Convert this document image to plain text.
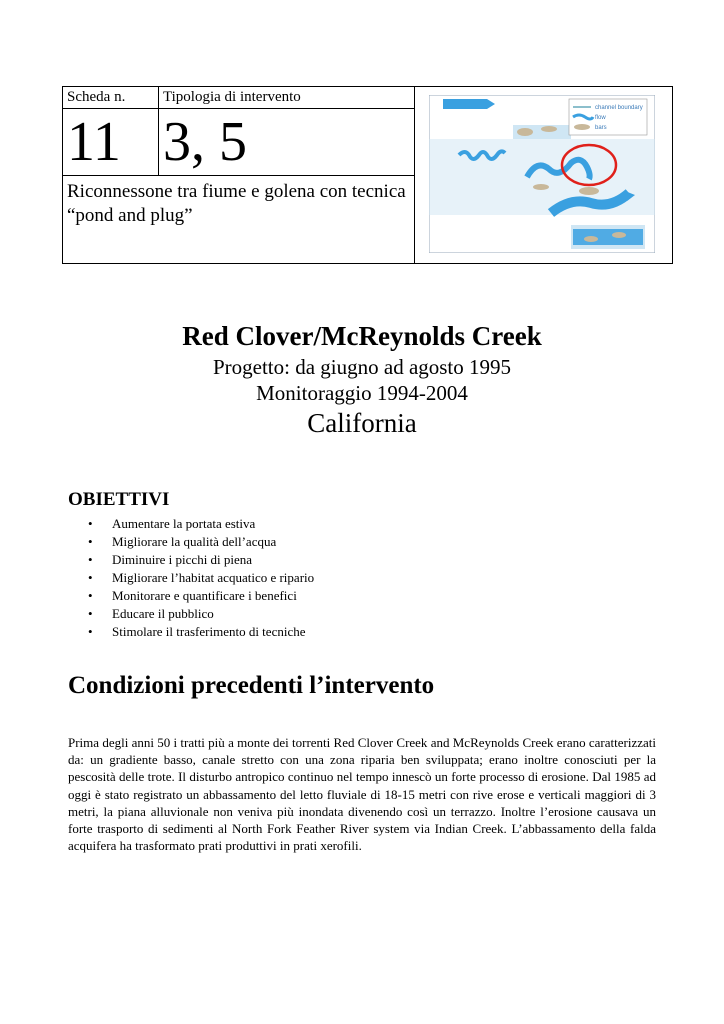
Scheda n.	Tipologia di intervento	channel boundary
flow
bars

11	3, 5	
Riconnessone tra fiume e golena con tecnica “pond and plug”		
Red Clover/McReynolds Creek
Progetto: da giugno ad agosto 1995
Monitoraggio 1994-2004
California
OBIETTIVI
• Aumentare la portata estiva
• Migliorare la qualità dell’acqua
• Diminuire i picchi di piena
• Migliorare l’habitat acquatico e ripario
• Monitorare e quantificare i benefici
• Educare il pubblico
• Stimolare il trasferimento di tecniche
Condizioni precedenti l’intervento
Prima degli anni 50 i tratti più a monte dei torrenti Red Clover Creek and McReynolds Creek erano caratterizzati da: un gradiente basso, canale stretto con una zona riparia ben sviluppata; erano inoltre conosciuti per la pescosità delle trote. Il disturbo antropico continuo nel tempo innescò un forte processo di erosione. Dal 1985 ad oggi è stato registrato un abbassamento del letto fluviale di 18-15 metri con rive erose e verticali maggiori di 3 metri, la piana alluvionale non veniva più inondata divenendo così un terrazzo. Inoltre l’erosione causava un forte trasporto di sedimenti al North Fork Feather River system via Indian Creek. L’abbassamento della falda acquifera ha trasformato prati produttivi in prati xerofili.
